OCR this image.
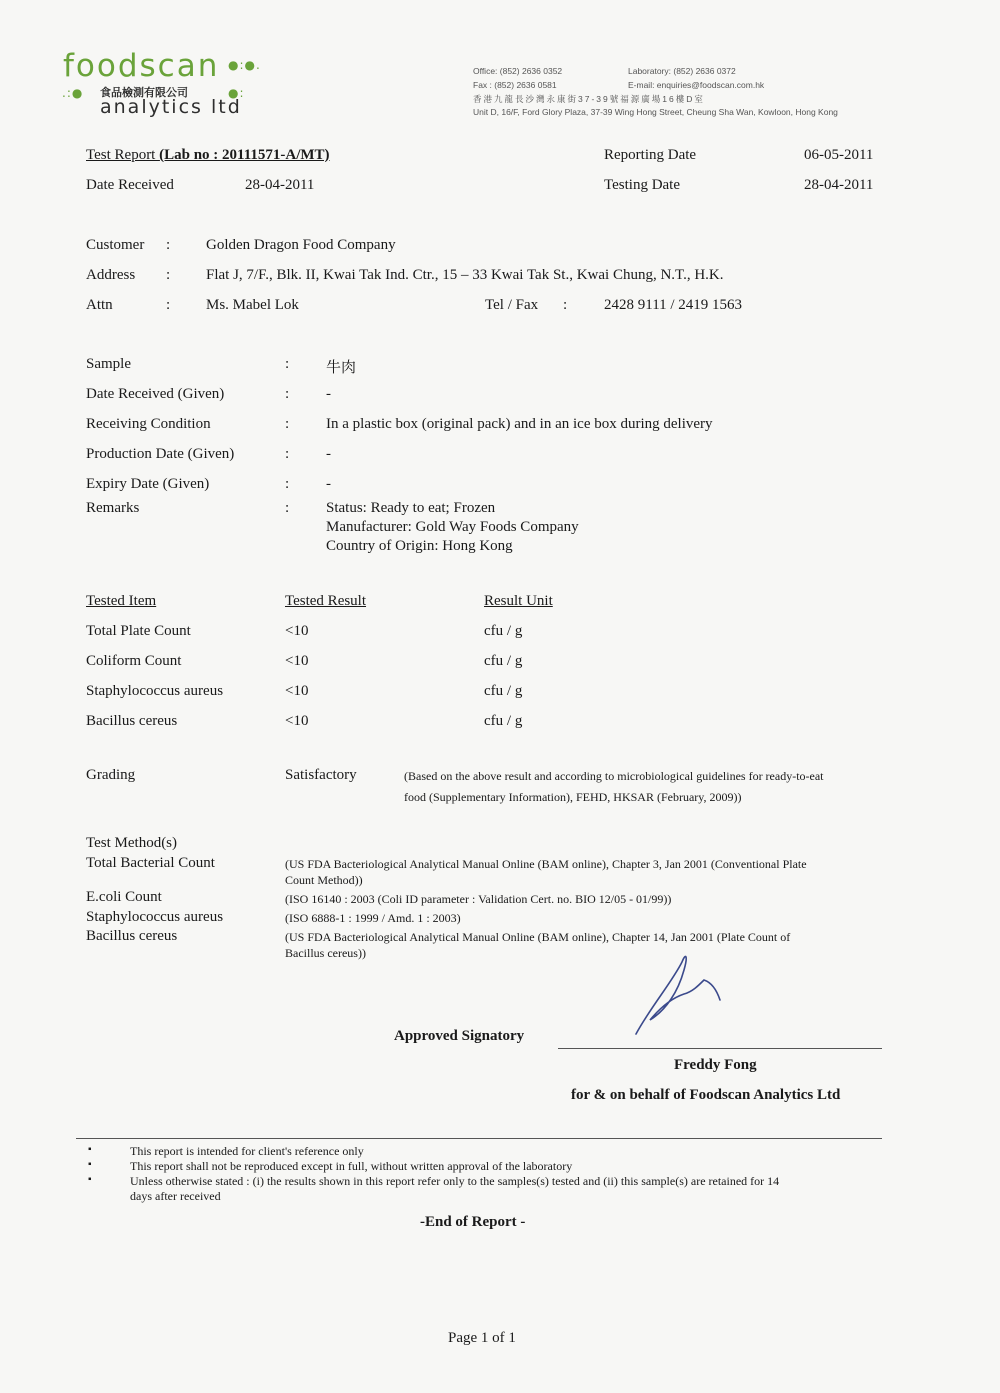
foodscan ●:●.
.:● 食品檢測有限公司	●:
analytics ltd
Office: (852) 2636 0352	Laboratory: (852) 2636 0372
Fax : (852) 2636 0581	E-mail: enquiries@foodscan.com.hk
香港九龍長沙灣永康街37-39號福源廣場16樓D室
Unit D, 16/F, Ford Glory Plaza, 37-39 Wing Hong Street, Cheung Sha Wan, Kowloon, Hong Kong
Test Report (Lab no : 20111571-A/MT)	Reporting Date	06-05-2011
Date Received	28-04-2011	Testing Date	28-04-2011
Customer : Golden Dragon Food Company
Address : Flat J, 7/F., Blk. II, Kwai Tak Ind. Ctr., 15 – 33 Kwai Tak St., Kwai Chung, N.T., H.K.
Attn	: Ms. Mabel Lok	Tel / Fax : 2428 9111 / 2419 1563
Sample	: 牛肉
Date Received (Given)	: -
Receiving Condition	: In a plastic box (original pack) and in an ice box during delivery
Production Date (Given)	: -
Expiry Date (Given)	: -
Remarks	: Status: Ready to eat; Frozen
Manufacturer: Gold Way Foods Company
Country of Origin: Hong Kong
Tested Item	Tested Result	Result Unit
Total Plate Count	<10	cfu / g
Coliform Count	<10	cfu / g
Staphylococcus aureus	<10	cfu / g
Bacillus cereus	<10	cfu / g
Grading	Satisfactory	(Based on the above result and according to microbiological guidelines for ready-to-eat
food (Supplementary Information), FEHD, HKSAR (February, 2009))
Test Method(s)
Total Bacterial Count	(US FDA Bacteriological Analytical Manual Online (BAM online), Chapter 3, Jan 2001 (Conventional Plate
Count Method))
E.coli Count	(ISO 16140 : 2003 (Coli ID parameter : Validation Cert. no. BIO 12/05 - 01/99))
Staphylococcus aureus	(ISO 6888-1 : 1999 / Amd. 1 : 2003)
Bacillus cereus	(US FDA Bacteriological Analytical Manual Online (BAM online), Chapter 14, Jan 2001 (Plate Count of
Bacillus cereus))
Approved Signatory
Freddy Fong
for & on behalf of Foodscan Analytics Ltd
▪	This report is intended for client's reference only
▪	This report shall not be reproduced except in full, without written approval of the laboratory
▪	Unless otherwise stated : (i) the results shown in this report refer only to the samples(s) tested and (ii) this sample(s) are retained for 14
days after received
-End of Report -
Page 1 of 1
